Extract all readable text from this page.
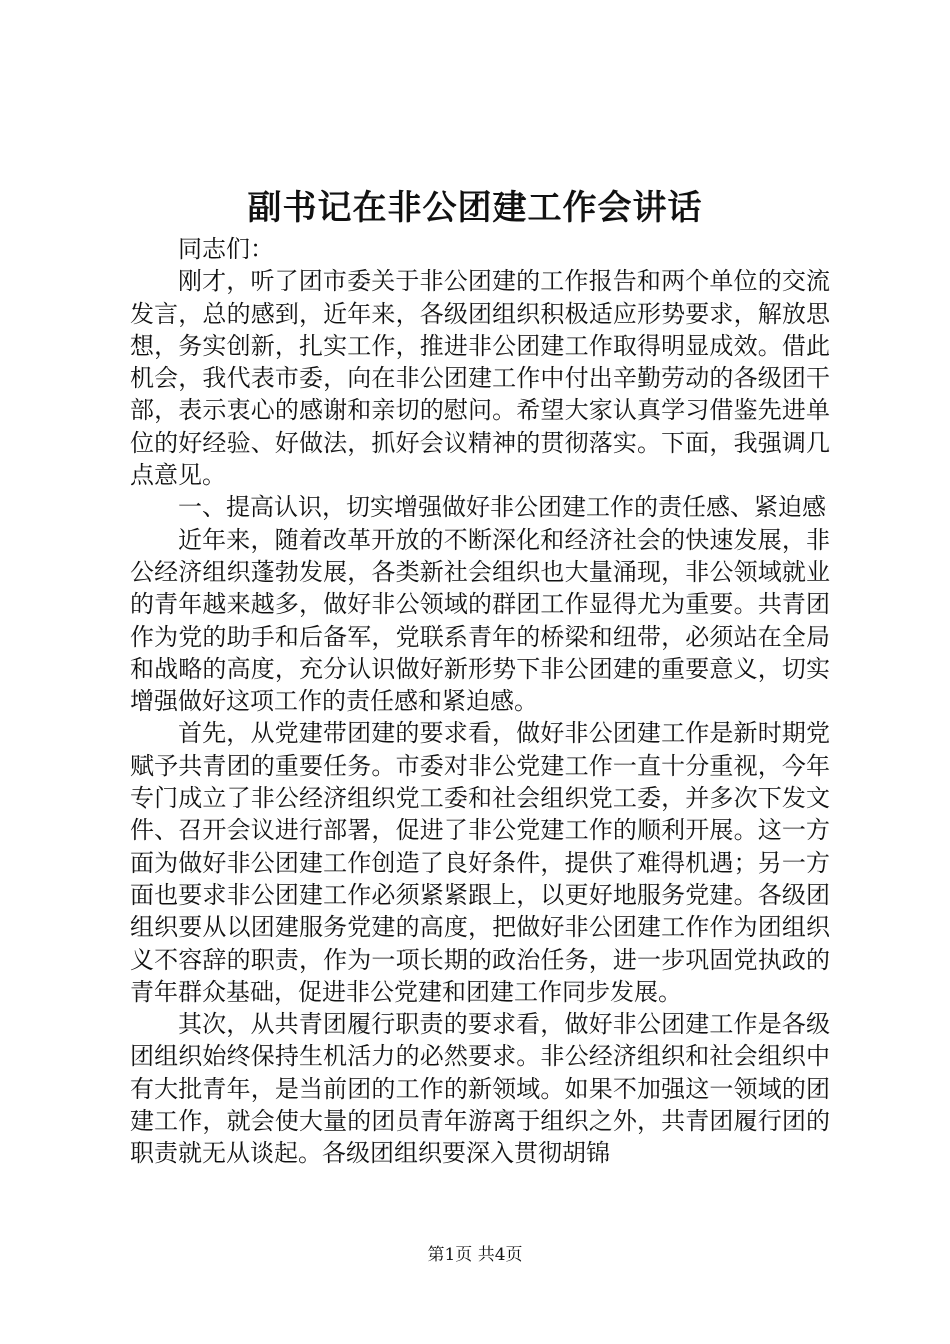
副书记在非公团建工作会讲话

同志们：

刚才，听了团市委关于非公团建的工作报告和两个单位的交流发言，总的感到，近年来，各级团组织积极适应形势要求，解放思想，务实创新，扎实工作，推进非公团建工作取得明显成效。借此机会，我代表市委，向在非公团建工作中付出辛勤劳动的各级团干部，表示衷心的感谢和亲切的慰问。希望大家认真学习借鉴先进单位的好经验、好做法，抓好会议精神的贯彻落实。下面，我强调几点意见。

一、提高认识，切实增强做好非公团建工作的责任感、紧迫感

近年来，随着改革开放的不断深化和经济社会的快速发展，非公经济组织蓬勃发展，各类新社会组织也大量涌现，非公领域就业的青年越来越多，做好非公领域的群团工作显得尤为重要。共青团作为党的助手和后备军，党联系青年的桥梁和纽带，必须站在全局和战略的高度，充分认识做好新形势下非公团建的重要意义，切实增强做好这项工作的责任感和紧迫感。

首先，从党建带团建的要求看，做好非公团建工作是新时期党赋予共青团的重要任务。市委对非公党建工作一直十分重视，今年专门成立了非公经济组织党工委和社会组织党工委，并多次下发文件、召开会议进行部署，促进了非公党建工作的顺利开展。这一方面为做好非公团建工作创造了良好条件，提供了难得机遇；另一方面也要求非公团建工作必须紧紧跟上，以更好地服务党建。各级团组织要从以团建服务党建的高度，把做好非公团建工作作为团组织义不容辞的职责，作为一项长期的政治任务，进一步巩固党执政的青年群众基础，促进非公党建和团建工作同步发展。

其次，从共青团履行职责的要求看，做好非公团建工作是各级团组织始终保持生机活力的必然要求。非公经济组织和社会组织中有大批青年，是当前团的工作的新领域。如果不加强这一领域的团建工作，就会使大量的团员青年游离于组织之外，共青团履行团的职责就无从谈起。各级团组织要深入贯彻胡锦

第1页 共4页
